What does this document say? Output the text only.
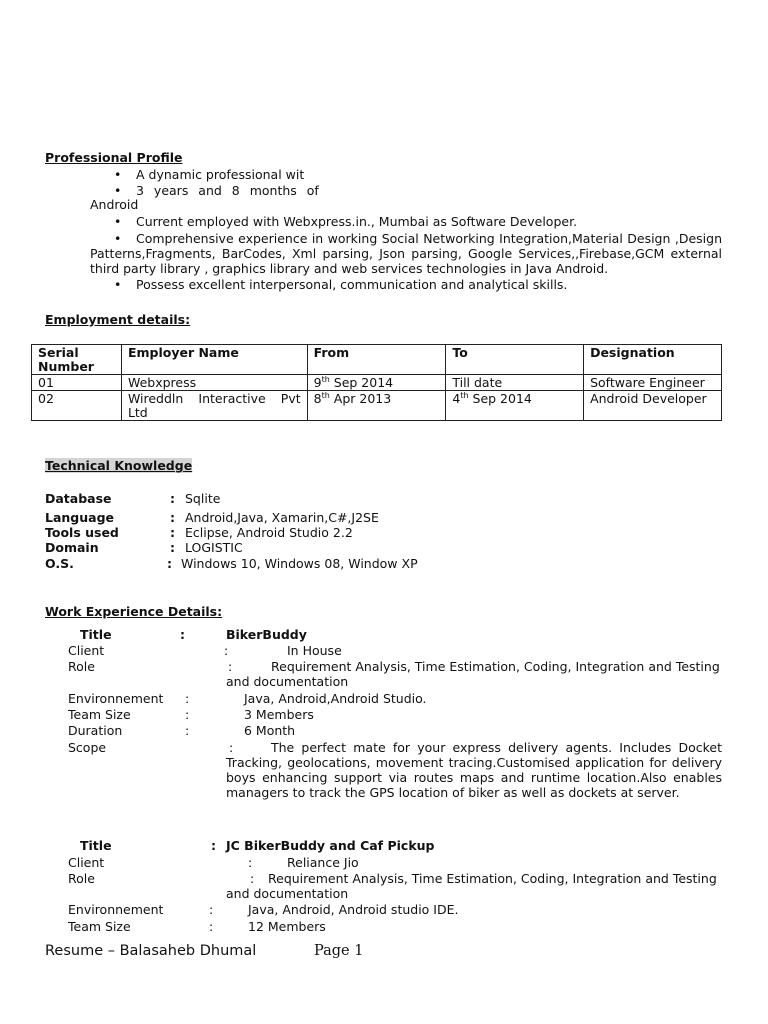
Professional Profile
• A dynamic professional wit
• 3 years and 8 months of
Android
• Current employed with Webxpress.in., Mumbai as Software Developer.
•	Comprehensive experience in working Social Networking Integration,Material Design ,Design Patterns,Fragments, BarCodes, Xml parsing, Json parsing, Google Services,,Firebase,GCM external third party library , graphics library and web services technologies in Java Android.
• Possess excellent interpersonal, communication and analytical skills.
Employment details:
Serial Number	Employer Name	From	To	Designation
01	Webxpress	9th Sep 2014	Till date	Software Engineer
02	Wireddln Interactive Pvt Ltd	8th Apr 2013	4th Sep 2014	Android Developer
Technical Knowledge
Database	: Sqlite
Language	: Android,Java, Xamarin,C#,J2SE
Tools used	: Eclipse, Android Studio 2.2
Domain	: LOGISTIC
O.S.	: Windows 10, Windows 08, Window XP
Work Experience Details:
Title	:	BikerBuddy
Client	:	In House
Role	:	Requirement Analysis, Time Estimation, Coding, Integration and Testing
and documentation
Environnement :	Java, Android,Android Studio.
Team Size	:	3 Members
Duration	:	6 Month
Scope	:	The perfect mate for your express delivery agents. Includes Docket
Tracking, geolocations, movement tracing.Customised application for delivery boys enhancing support via routes maps and runtime location.Also enables managers to track the GPS location of biker as well as dockets at server.
Title	: JC BikerBuddy and Caf Pickup
Client	:	Reliance Jio
Role	: Requirement Analysis, Time Estimation, Coding, Integration and Testing
and documentation
Environnement	:	Java, Android, Android studio IDE.
Team Size	:	12 Members
Resume – Balasaheb Dhumal	Page 1
